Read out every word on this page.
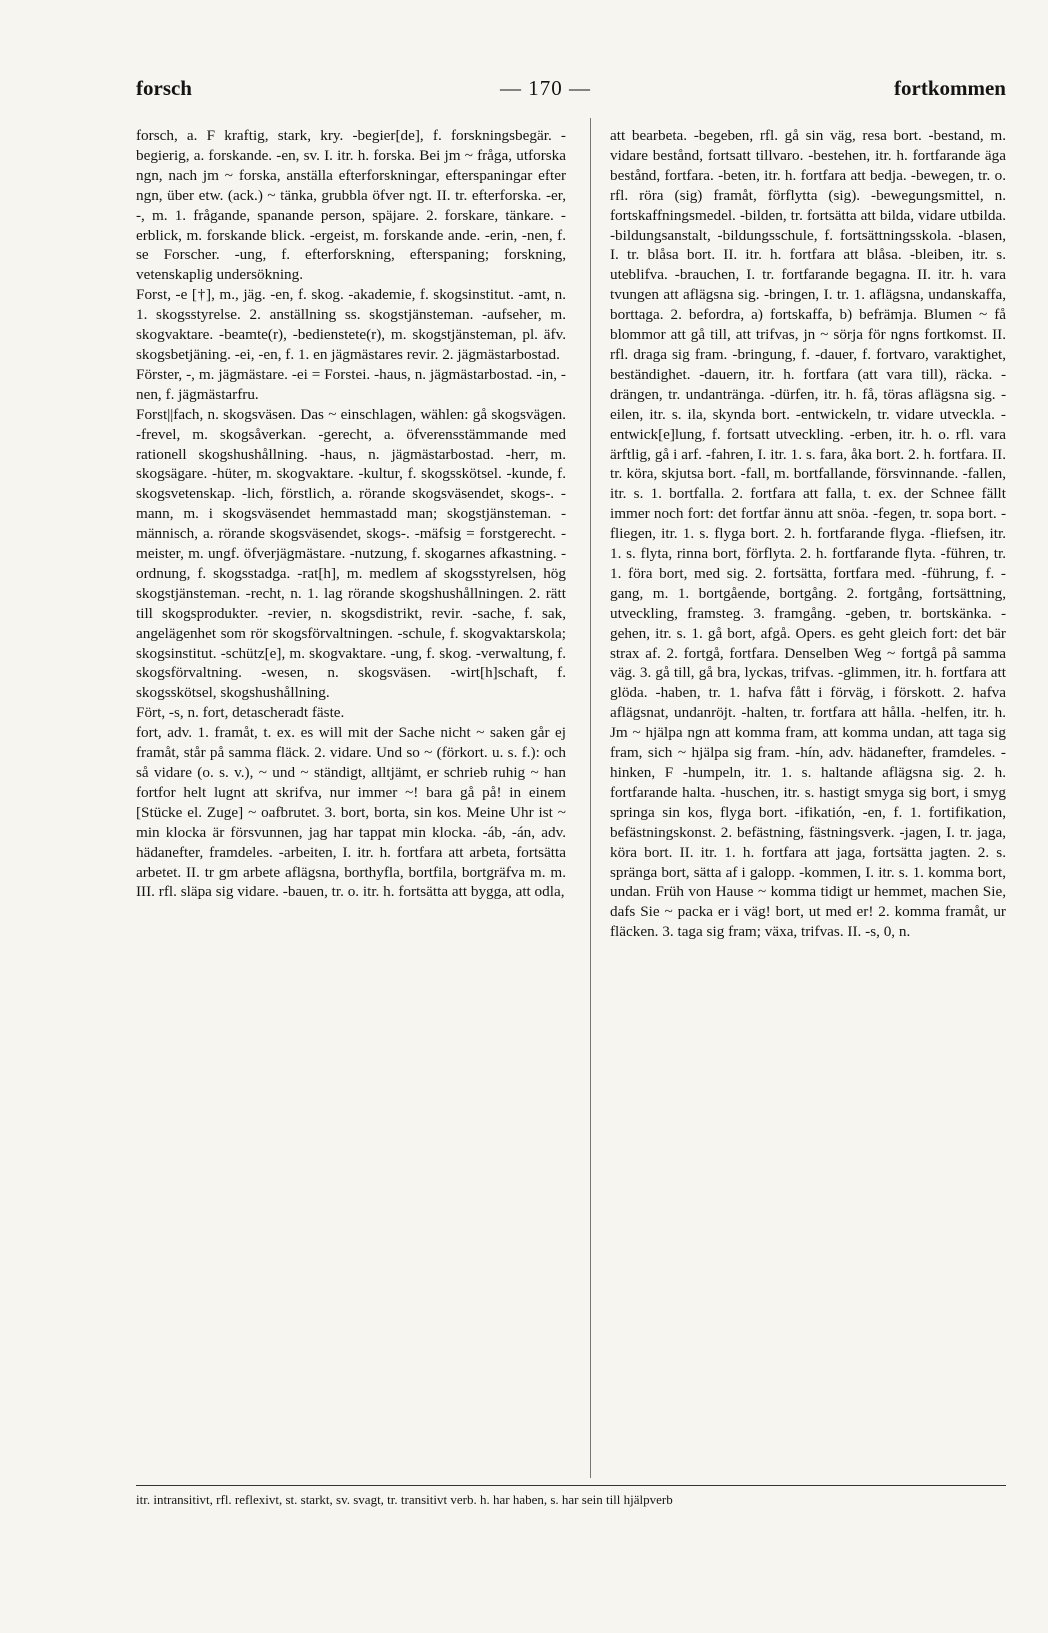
forsch	— 170 —	fortkommen

forsch, a. F kraftig, stark, kry. -begier[de], f. forskningsbegär. -begierig, a. forskande. -en, sv. I. itr. h. forska. Bei jm ~ fråga, utforska ngn, nach jm ~ forska, anställa efterforskningar, efterspaningar efter ngn, über etw. (ack.) ~ tänka, grubbla öfver ngt. II. tr. efterforska. -er, -, m. 1. frågande, spanande person, späjare. 2. forskare, tänkare. -erblick, m. forskande blick. -ergeist, m. forskande ande. -erin, -nen, f. se Forscher. -ung, f. efterforskning, efterspaning; forskning, vetenskaplig undersökning.

Forst, -e [†], m., jäg. -en, f. skog. -akademie, f. skogsinstitut. -amt, n. 1. skogsstyrelse. 2. anställning ss. skogstjänsteman. -aufseher, m. skogvaktare. -beamte(r), -bedienstete(r), m. skogstjänsteman, pl. äfv. skogsbetjäning. -ei, -en, f. 1. en jägmästares revir. 2. jägmästarbostad.

Förster, -, m. jägmästare. -ei = Forstei. -haus, n. jägmästarbostad. -in, -nen, f. jägmästarfru.

Forst||fach, n. skogsväsen. Das ~ einschlagen, wählen: gå skogsvägen. -frevel, m. skogsåverkan. -gerecht, a. öfverensstämmande med rationell skogshushållning. -haus, n. jägmästarbostad. -herr, m. skogsägare. -hüter, m. skogvaktare. -kultur, f. skogsskötsel. -kunde, f. skogsvetenskap. -lich, förstlich, a. rörande skogsväsendet, skogs-. -mann, m. i skogsväsendet hemmastadd man; skogstjänsteman. -männisch, a. rörande skogsväsendet, skogs-. -mäfsig = forstgerecht. -meister, m. ungf. öfverjägmästare. -nutzung, f. skogarnes afkastning. -ordnung, f. skogsstadga. -rat[h], m. medlem af skogsstyrelsen, hög skogstjänsteman. -recht, n. 1. lag rörande skogshushållningen. 2. rätt till skogsprodukter. -revier, n. skogsdistrikt, revir. -sache, f. sak, angelägenhet som rör skogsförvaltningen. -schule, f. skogvaktarskola; skogsinstitut. -schütz[e], m. skogvaktare. -ung, f. skog. -verwaltung, f. skogsförvaltning. -wesen, n. skogsväsen. -wirt[h]schaft, f. skogsskötsel, skogshushållning.

Fört, -s, n. fort, detascheradt fäste.

fort, adv. 1. framåt, t. ex. es will mit der Sache nicht ~ saken går ej framåt, står på samma fläck. 2. vidare. Und so ~ (förkort. u. s. f.): och så vidare (o. s. v.), ~ und ~ ständigt, alltjämt, er schrieb ruhig ~ han fortfor helt lugnt att skrifva, nur immer ~! bara gå på! in einem [Stücke el. Zuge] ~ oafbrutet. 3. bort, borta, sin kos. Meine Uhr ist ~ min klocka är försvunnen, jag har tappat min klocka. -áb, -án, adv. hädanefter, framdeles. -arbeiten, I. itr. h. fortfara att arbeta, fortsätta arbetet. II. tr gm arbete aflägsna, borthyfla, bortfila, bortgräfva m. m. III. rfl. släpa sig vidare. -bauen, tr. o. itr. h. fortsätta att bygga, att odla,

att bearbeta. -begeben, rfl. gå sin väg, resa bort. -bestand, m. vidare bestånd, fortsatt tillvaro. -bestehen, itr. h. fortfarande äga bestånd, fortfara. -beten, itr. h. fortfara att bedja. -bewegen, tr. o. rfl. röra (sig) framåt, förflytta (sig). -bewegungsmittel, n. fortskaffningsmedel. -bilden, tr. fortsätta att bilda, vidare utbilda. -bildungsanstalt, -bildungsschule, f. fortsättningsskola. -blasen, I. tr. blåsa bort. II. itr. h. fortfara att blåsa. -bleiben, itr. s. uteblifva. -brauchen, I. tr. fortfarande begagna. II. itr. h. vara tvungen att aflägsna sig. -bringen, I. tr. 1. aflägsna, undanskaffa, borttaga. 2. befordra, a) fortskaffa, b) befrämja. Blumen ~ få blommor att gå till, att trifvas, jn ~ sörja för ngns fortkomst. II. rfl. draga sig fram. -bringung, f. -dauer, f. fortvaro, varaktighet, beständighet. -dauern, itr. h. fortfara (att vara till), räcka. -drängen, tr. undantränga. -dürfen, itr. h. få, töras aflägsna sig. -eilen, itr. s. ila, skynda bort. -entwickeln, tr. vidare utveckla. -entwick[e]lung, f. fortsatt utveckling. -erben, itr. h. o. rfl. vara ärftlig, gå i arf. -fahren, I. itr. 1. s. fara, åka bort. 2. h. fortfara. II. tr. köra, skjutsa bort. -fall, m. bortfallande, försvinnande. -fallen, itr. s. 1. bortfalla. 2. fortfara att falla, t. ex. der Schnee fällt immer noch fort: det fortfar ännu att snöa. -fegen, tr. sopa bort. -fliegen, itr. 1. s. flyga bort. 2. h. fortfarande flyga. -fliefsen, itr. 1. s. flyta, rinna bort, förflyta. 2. h. fortfarande flyta. -führen, tr. 1. föra bort, med sig. 2. fortsätta, fortfara med. -führung, f. -gang, m. 1. bortgående, bortgång. 2. fortgång, fortsättning, utveckling, framsteg. 3. framgång. -geben, tr. bortskänka. -gehen, itr. s. 1. gå bort, afgå. Opers. es geht gleich fort: det bär strax af. 2. fortgå, fortfara. Denselben Weg ~ fortgå på samma väg. 3. gå till, gå bra, lyckas, trifvas. -glimmen, itr. h. fortfara att glöda. -haben, tr. 1. hafva fått i förväg, i förskott. 2. hafva aflägsnat, undanröjt. -halten, tr. fortfara att hålla. -helfen, itr. h. Jm ~ hjälpa ngn att komma fram, att komma undan, att taga sig fram, sich ~ hjälpa sig fram. -hín, adv. hädanefter, framdeles. -hinken, F -humpeln, itr. 1. s. haltande aflägsna sig. 2. h. fortfarande halta. -huschen, itr. s. hastigt smyga sig bort, i smyg springa sin kos, flyga bort. -ifikatión, -en, f. 1. fortifikation, befästningskonst. 2. befästning, fästningsverk. -jagen, I. tr. jaga, köra bort. II. itr. 1. h. fortfara att jaga, fortsätta jagten. 2. s. spränga bort, sätta af i galopp. -kommen, I. itr. s. 1. komma bort, undan. Früh von Hause ~ komma tidigt ur hemmet, machen Sie, dafs Sie ~ packa er i väg! bort, ut med er! 2. komma framåt, ur fläcken. 3. taga sig fram; växa, trifvas. II. -s, 0, n.

itr. intransitivt, rfl. reflexivt, st. starkt, sv. svagt, tr. transitivt verb. h. har haben, s. har sein till hjälpverb
